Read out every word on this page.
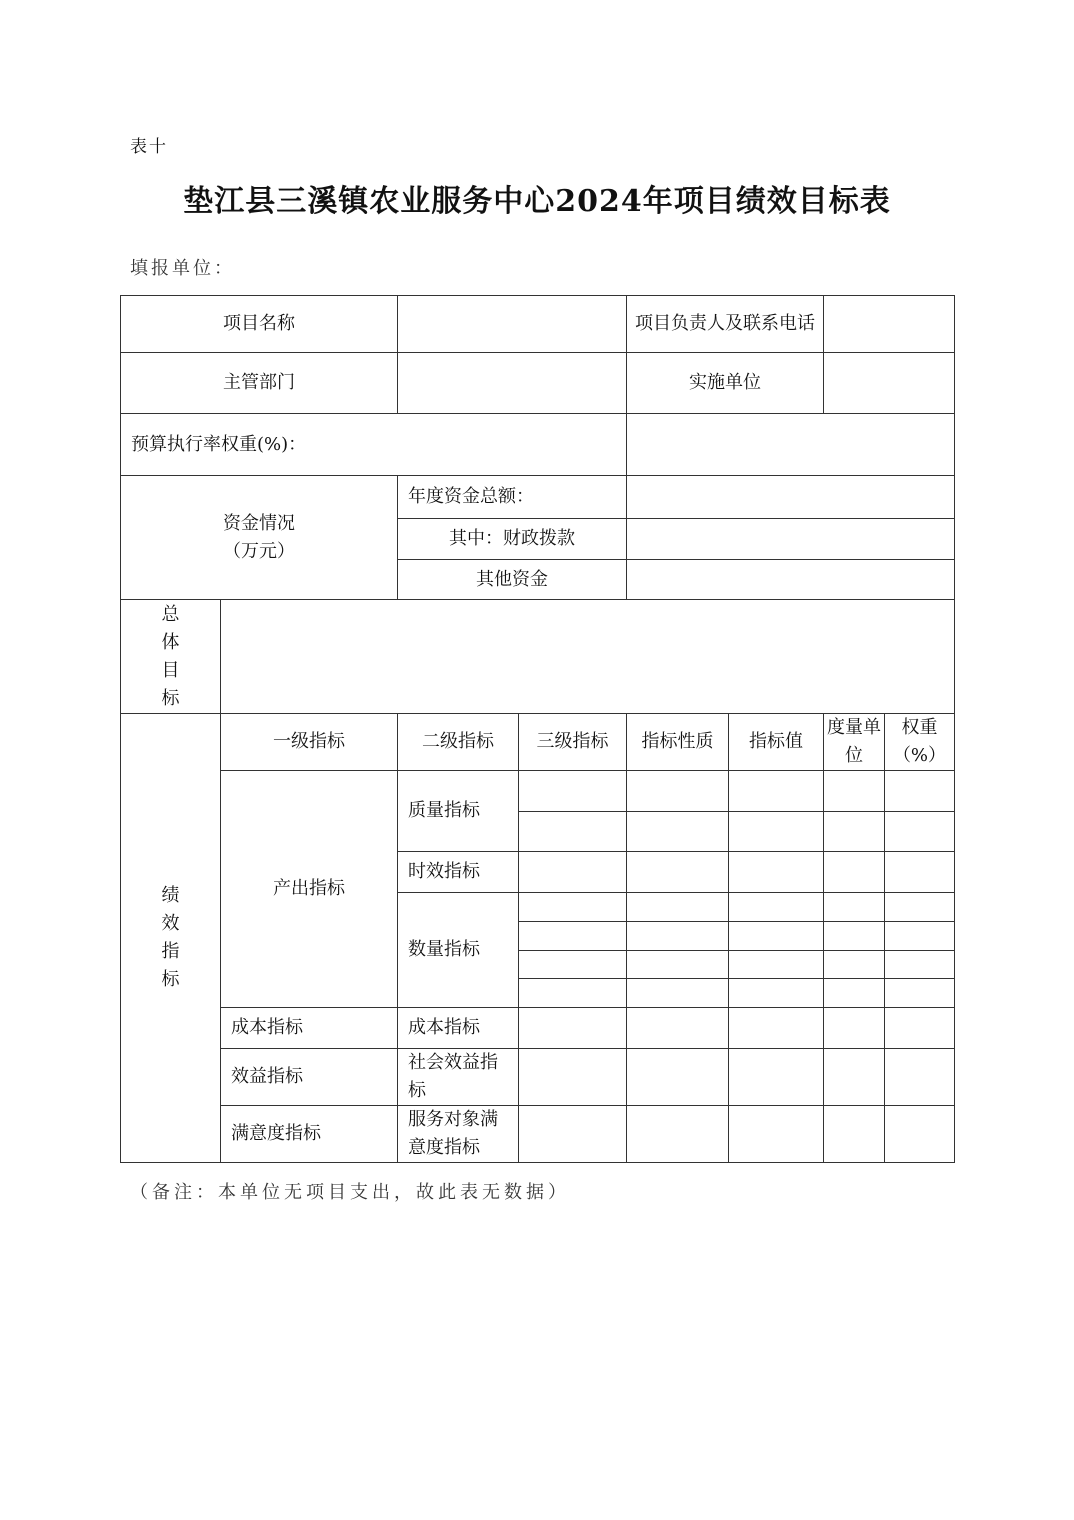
表十
垫江县三溪镇农业服务中心2024年项目绩效目标表
填报单位：
项目名称				项目负责人及联系电话			
主管部门				实施单位			
预算执行率权重(%)：							

资金情况
（万元）		年度资金总额：					
		其中：财政拨款					
		其他资金					

总体目标							

绩效指标	一级指标	二级指标	三级指标	指标性质	指标值	度量单位	权重（%）
	产出指标	质量指标					

		时效指标					
		数量指标					

	成本指标	成本指标					
	效益指标	社会效益指标					
	满意度指标	服务对象满意度指标					
（备注：本单位无项目支出，故此表无数据）
